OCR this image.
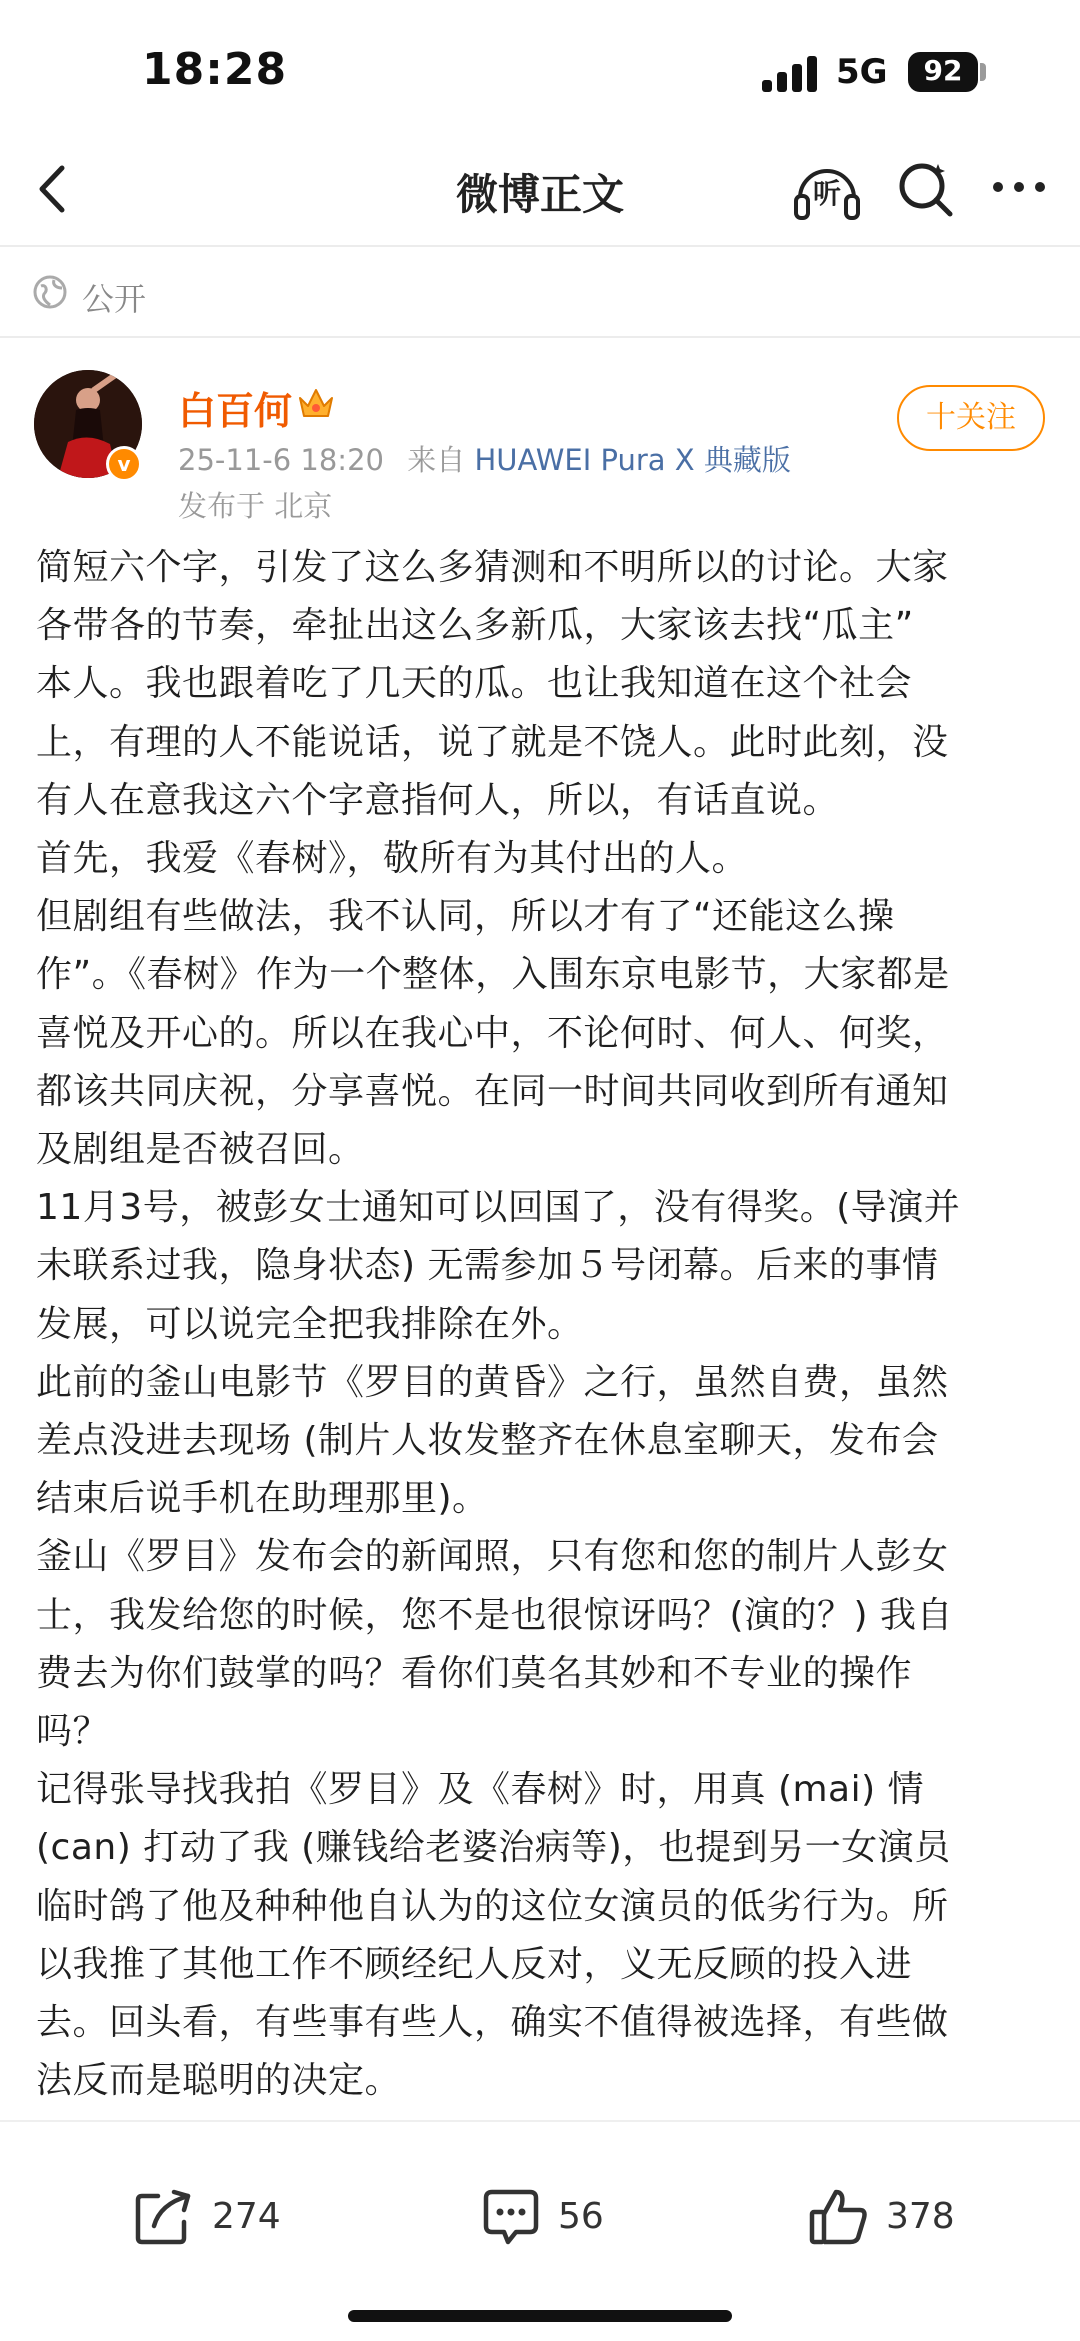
18:28	5G	92
微博正文	听
公开
v
白百何
25-11-6 18:20 来自 HUAWEI Pura X 典藏版
发布于 北京
十关注
简短六个字，引发了这么多猜测和不明所以的讨论。大家
各带各的节奏，牵扯出这么多新瓜，大家该去找“瓜主”
本人。我也跟着吃了几天的瓜。也让我知道在这个社会
上，有理的人不能说话，说了就是不饶人。此时此刻，没
有人在意我这六个字意指何人，所以，有话直说。
首先，我爱《春树》，敬所有为其付出的人。
但剧组有些做法，我不认同，所以才有了“还能这么操
作”。《春树》作为一个整体，入围东京电影节，大家都是
喜悦及开心的。所以在我心中，不论何时、何人、何奖，
都该共同庆祝，分享喜悦。在同一时间共同收到所有通知
及剧组是否被召回。
11月3号，被彭女士通知可以回国了，没有得奖。(导演并
未联系过我，隐身状态) 无需参加５号闭幕。后来的事情
发展，可以说完全把我排除在外。
此前的釜山电影节《罗目的黄昏》之行，虽然自费，虽然
差点没进去现场 (制片人妆发整齐在休息室聊天，发布会
结束后说手机在助理那里)。
釜山《罗目》发布会的新闻照，只有您和您的制片人彭女
士，我发给您的时候，您不是也很惊讶吗？(演的？) 我自
费去为你们鼓掌的吗？看你们莫名其妙和不专业的操作
吗？
记得张导找我拍《罗目》及《春树》时，用真 (mai) 情
(can) 打动了我 (赚钱给老婆治病等)，也提到另一女演员
临时鸽了他及种种他自认为的这位女演员的低劣行为。所
以我推了其他工作不顾经纪人反对，义无反顾的投入进
去。回头看，有些事有些人，确实不值得被选择，有些做
法反而是聪明的决定。
274	56	378
